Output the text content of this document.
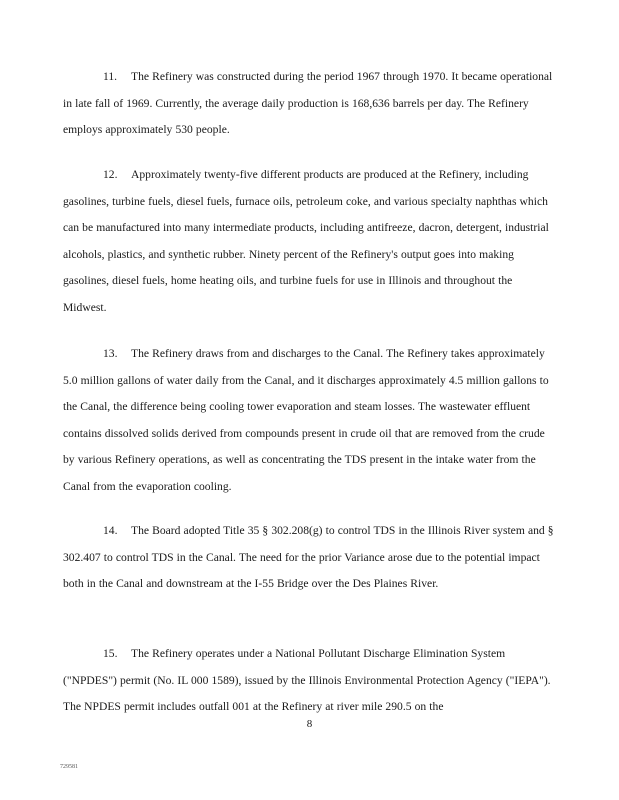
11. The Refinery was constructed during the period 1967 through 1970. It became operational in late fall of 1969. Currently, the average daily production is 168,636 barrels per day. The Refinery employs approximately 530 people.

12. Approximately twenty-five different products are produced at the Refinery, including gasolines, turbine fuels, diesel fuels, furnace oils, petroleum coke, and various specialty naphthas which can be manufactured into many intermediate products, including antifreeze, dacron, detergent, industrial alcohols, plastics, and synthetic rubber. Ninety percent of the Refinery's output goes into making gasolines, diesel fuels, home heating oils, and turbine fuels for use in Illinois and throughout the Midwest.

13. The Refinery draws from and discharges to the Canal. The Refinery takes approximately 5.0 million gallons of water daily from the Canal, and it discharges approximately 4.5 million gallons to the Canal, the difference being cooling tower evaporation and steam losses. The wastewater effluent contains dissolved solids derived from compounds present in crude oil that are removed from the crude by various Refinery operations, as well as concentrating the TDS present in the intake water from the Canal from the evaporation cooling.

14. The Board adopted Title 35 § 302.208(g) to control TDS in the Illinois River system and § 302.407 to control TDS in the Canal. The need for the prior Variance arose due to the potential impact both in the Canal and downstream at the I-55 Bridge over the Des Plaines River.

15. The Refinery operates under a National Pollutant Discharge Elimination System ("NPDES") permit (No. IL 000 1589), issued by the Illinois Environmental Protection Agency ("IEPA"). The NPDES permit includes outfall 001 at the Refinery at river mile 290.5 on the

8

729581
